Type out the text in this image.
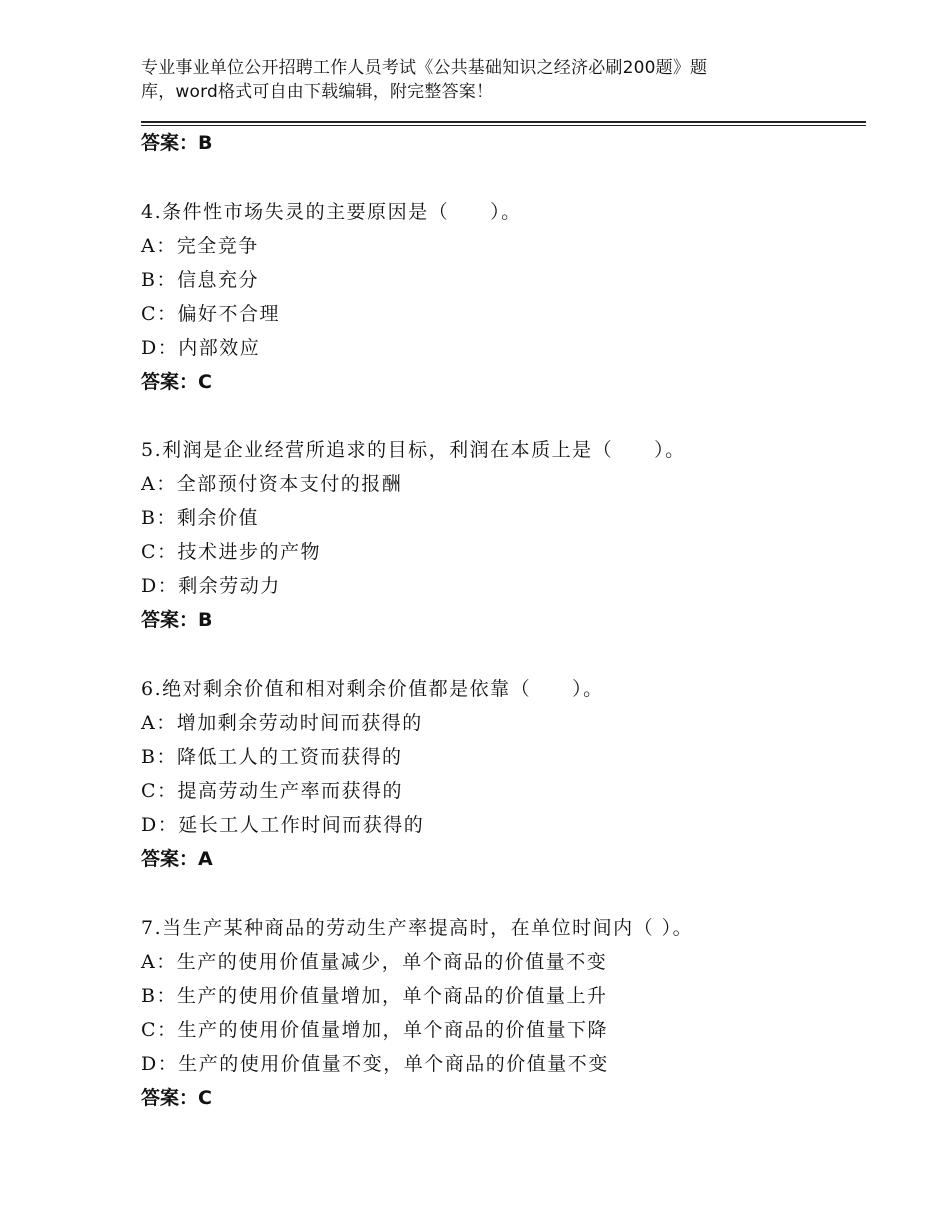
专业事业单位公开招聘工作人员考试《公共基础知识之经济必刷200题》题
库，word格式可自由下载编辑，附完整答案！
答案：B
4.条件性市场失灵的主要原因是（　　）。
A：完全竞争
B：信息充分
C：偏好不合理
D：内部效应
答案：C
5.利润是企业经营所追求的目标，利润在本质上是（　　）。
A：全部预付资本支付的报酬
B：剩余价值
C：技术进步的产物
D：剩余劳动力
答案：B
6.绝对剩余价值和相对剩余价值都是依靠（　　）。
A：增加剩余劳动时间而获得的
B：降低工人的工资而获得的
C：提高劳动生产率而获得的
D：延长工人工作时间而获得的
答案：A
7.当生产某种商品的劳动生产率提高时，在单位时间内（ ）。
A：生产的使用价值量减少，单个商品的价值量不变
B：生产的使用价值量增加，单个商品的价值量上升
C：生产的使用价值量增加，单个商品的价值量下降
D：生产的使用价值量不变，单个商品的价值量不变
答案：C
